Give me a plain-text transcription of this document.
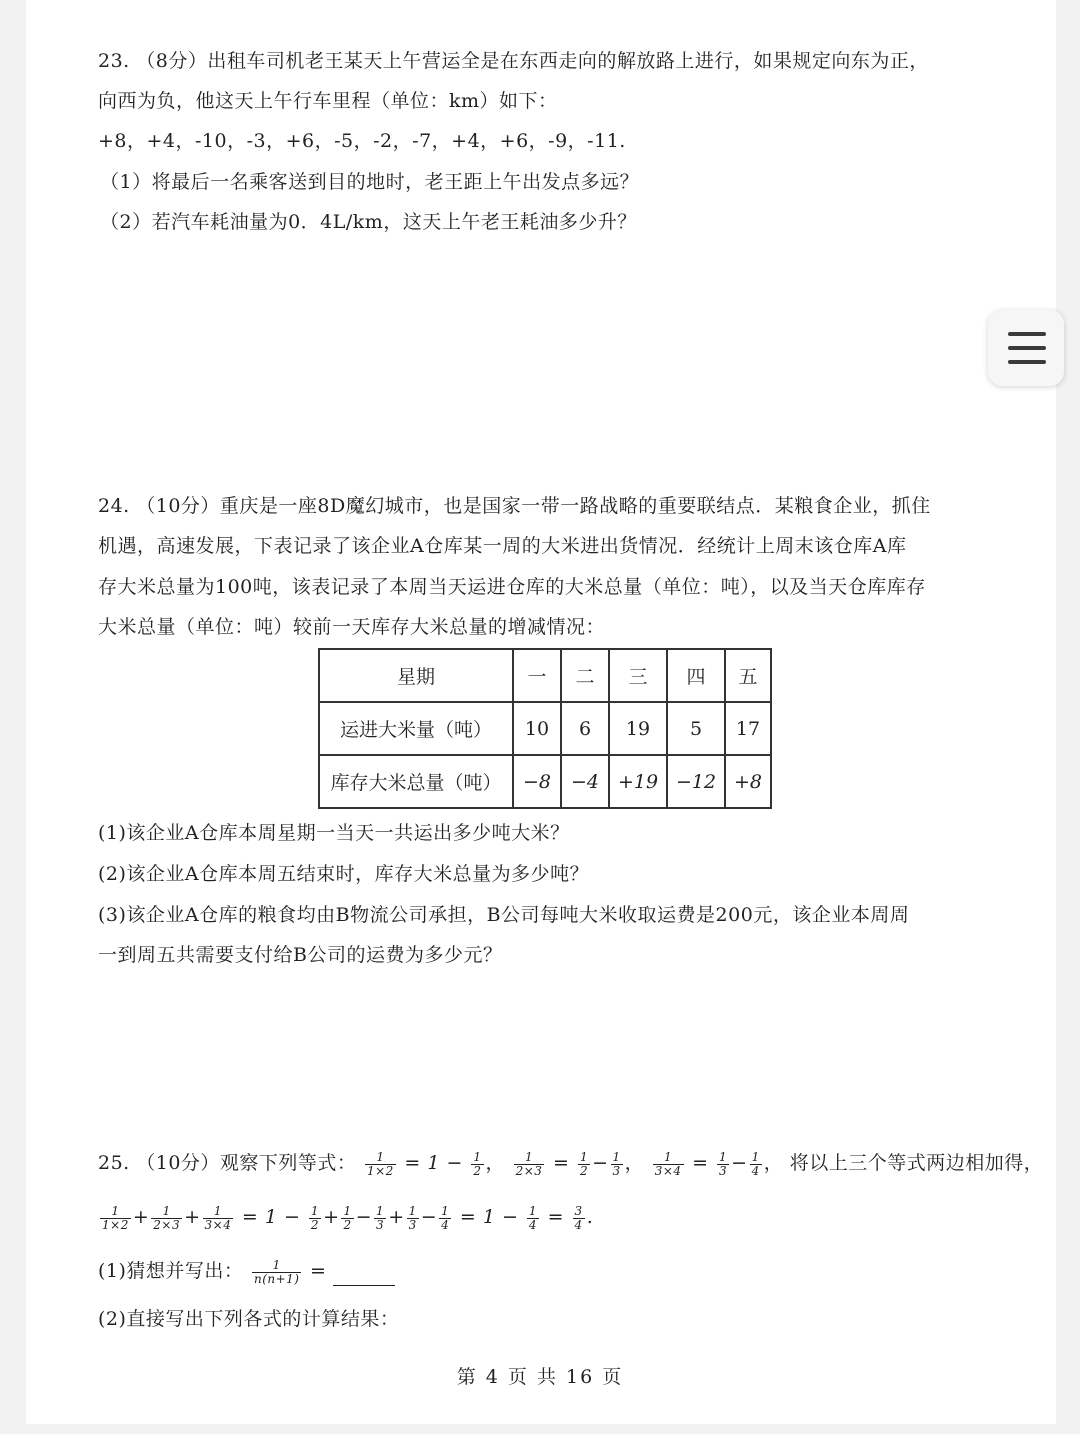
23. （8分）出租车司机老王某天上午营运全是在东西走向的解放路上进行，如果规定向东为正，
向西为负，他这天上午行车里程（单位：km）如下：
+8，+4，-10，-3，+6，-5，-2，-7，+4，+6，-9，-11.
（1）将最后一名乘客送到目的地时，老王距上午出发点多远？
（2）若汽车耗油量为0．4L/km，这天上午老王耗油多少升？
24. （10分）重庆是一座8D魔幻城市，也是国家一带一路战略的重要联结点．某粮食企业，抓住
机遇，高速发展，下表记录了该企业A仓库某一周的大米进出货情况．经统计上周末该仓库A库
存大米总量为100吨，该表记录了本周当天运进仓库的大米总量（单位：吨），以及当天仓库库存
大米总量（单位：吨）较前一天库存大米总量的增减情况：
星期	一	二	三	四	五
运进大米量（吨）	10	6	19	5	17
库存大米总量（吨）	−8	−4	+19	−12	+8
(1)该企业A仓库本周星期一当天一共运出多少吨大米？
(2)该企业A仓库本周五结束时，库存大米总量为多少吨？
(3)该企业A仓库的粮食均由B物流公司承担，B公司每吨大米收取运费是200元，该企业本周周
一到周五共需要支付给B公司的运费为多少元？
25. （10分）观察下列等式： $\frac{1}{1\times 2} = 1 - \frac{1}{2}$ ， $\frac{1}{2\times 3} = \frac{1}{2} - \frac{1}{3}$ ， $\frac{1}{3\times 4} = \frac{1}{3} - \frac{1}{4}$ ， 将以上三个等式两边相加得，
$\frac{1}{1\times 2} + \frac{1}{2\times 3} + \frac{1}{3\times 4} = 1 - \frac{1}{2} + \frac{1}{2} - \frac{1}{3} + \frac{1}{3} - \frac{1}{4} = 1 - \frac{1}{4} = \frac{3}{4}$ .
(1)猜想并写出： $\frac{1}{n(n+1)}$ =
(2)直接写出下列各式的计算结果：
第 4 页 共 16 页
